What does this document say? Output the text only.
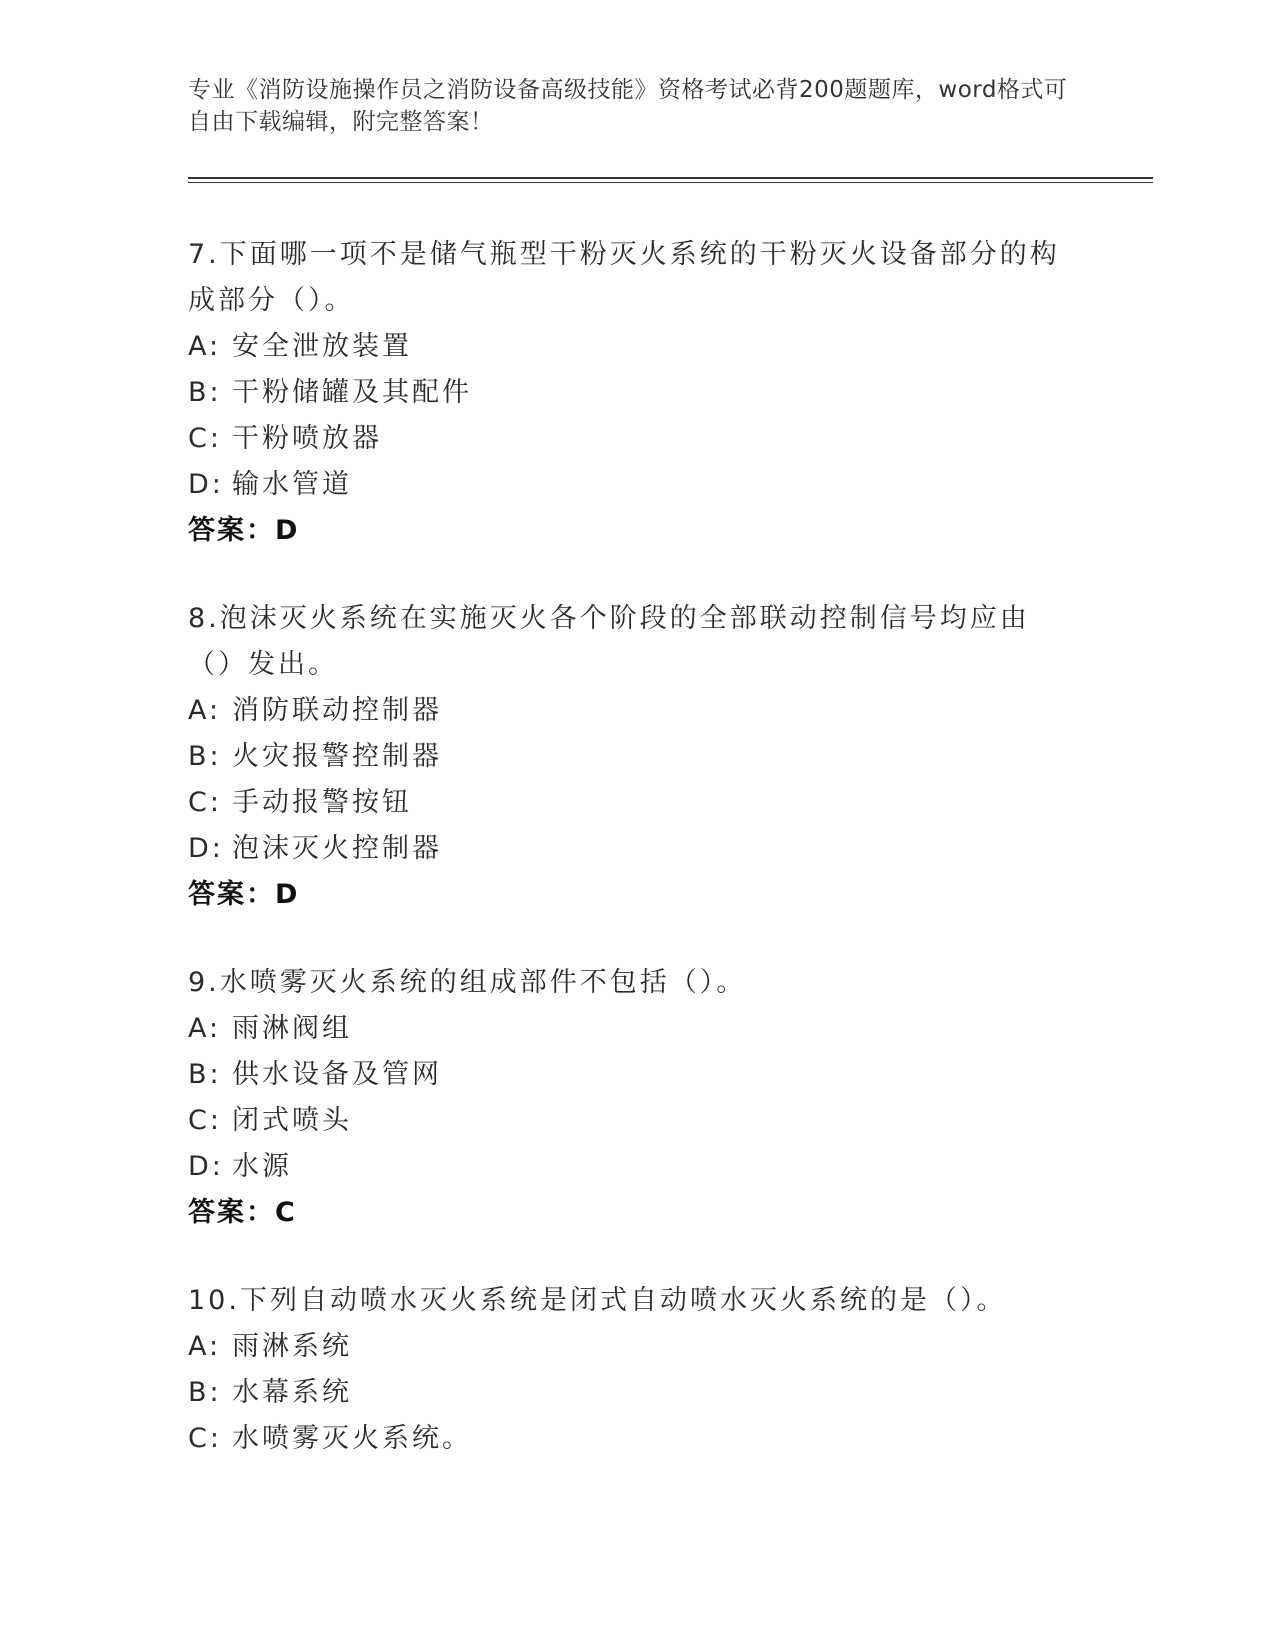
专业《消防设施操作员之消防设备高级技能》资格考试必背200题题库，word格式可自由下载编辑，附完整答案！
7.下面哪一项不是储气瓶型干粉灭火系统的干粉灭火设备部分的构成部分（）。
A: 安全泄放装置
B: 干粉储罐及其配件
C: 干粉喷放器
D: 输水管道
答案：D
8.泡沫灭火系统在实施灭火各个阶段的全部联动控制信号均应由（）发出。
A: 消防联动控制器
B: 火灾报警控制器
C: 手动报警按钮
D: 泡沫灭火控制器
答案：D
9.水喷雾灭火系统的组成部件不包括（）。
A: 雨淋阀组
B: 供水设备及管网
C: 闭式喷头
D: 水源
答案：C
10.下列自动喷水灭火系统是闭式自动喷水灭火系统的是（）。
A: 雨淋系统
B: 水幕系统
C: 水喷雾灭火系统。
